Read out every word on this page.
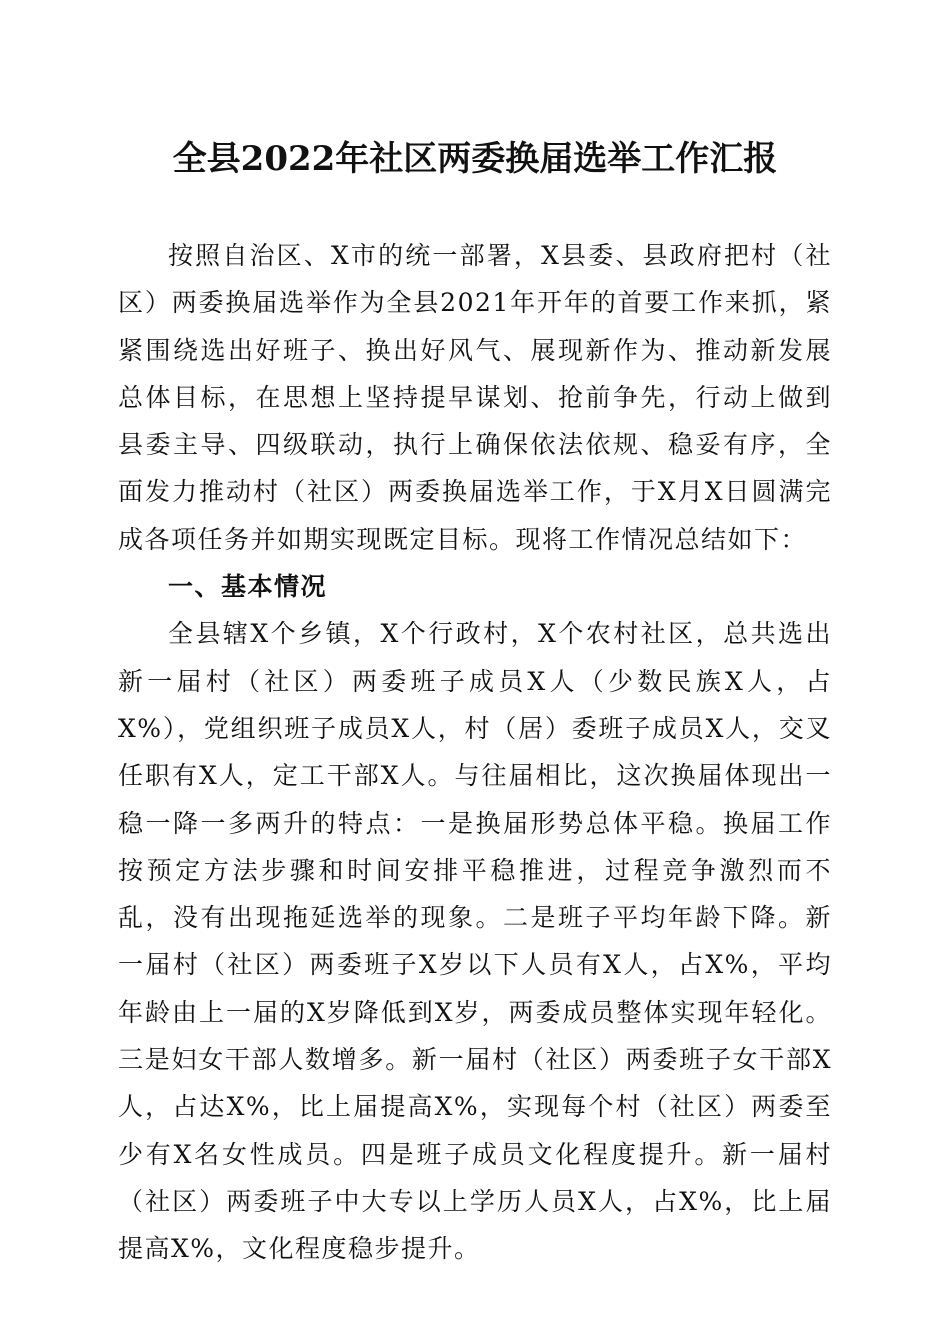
全县2022年社区两委换届选举工作汇报

按照自治区、X市的统一部署，X县委、县政府把村（社区）两委换届选举作为全县2021年开年的首要工作来抓，紧紧围绕选出好班子、换出好风气、展现新作为、推动新发展总体目标，在思想上坚持提早谋划、抢前争先，行动上做到县委主导、四级联动，执行上确保依法依规、稳妥有序，全面发力推动村（社区）两委换届选举工作，于X月X日圆满完成各项任务并如期实现既定目标。现将工作情况总结如下：

一、基本情况

全县辖X个乡镇，X个行政村，X个农村社区，总共选出新一届村（社区）两委班子成员X人（少数民族X人，占X%），党组织班子成员X人，村（居）委班子成员X人，交叉任职有X人，定工干部X人。与往届相比，这次换届体现出一稳一降一多两升的特点：一是换届形势总体平稳。换届工作按预定方法步骤和时间安排平稳推进，过程竞争激烈而不乱，没有出现拖延选举的现象。二是班子平均年龄下降。新一届村（社区）两委班子X岁以下人员有X人，占X%，平均年龄由上一届的X岁降低到X岁，两委成员整体实现年轻化。三是妇女干部人数增多。新一届村（社区）两委班子女干部X人，占达X%，比上届提高X%，实现每个村（社区）两委至少有X名女性成员。四是班子成员文化程度提升。新一届村（社区）两委班子中大专以上学历人员X人，占X%，比上届提高X%，文化程度稳步提升。
